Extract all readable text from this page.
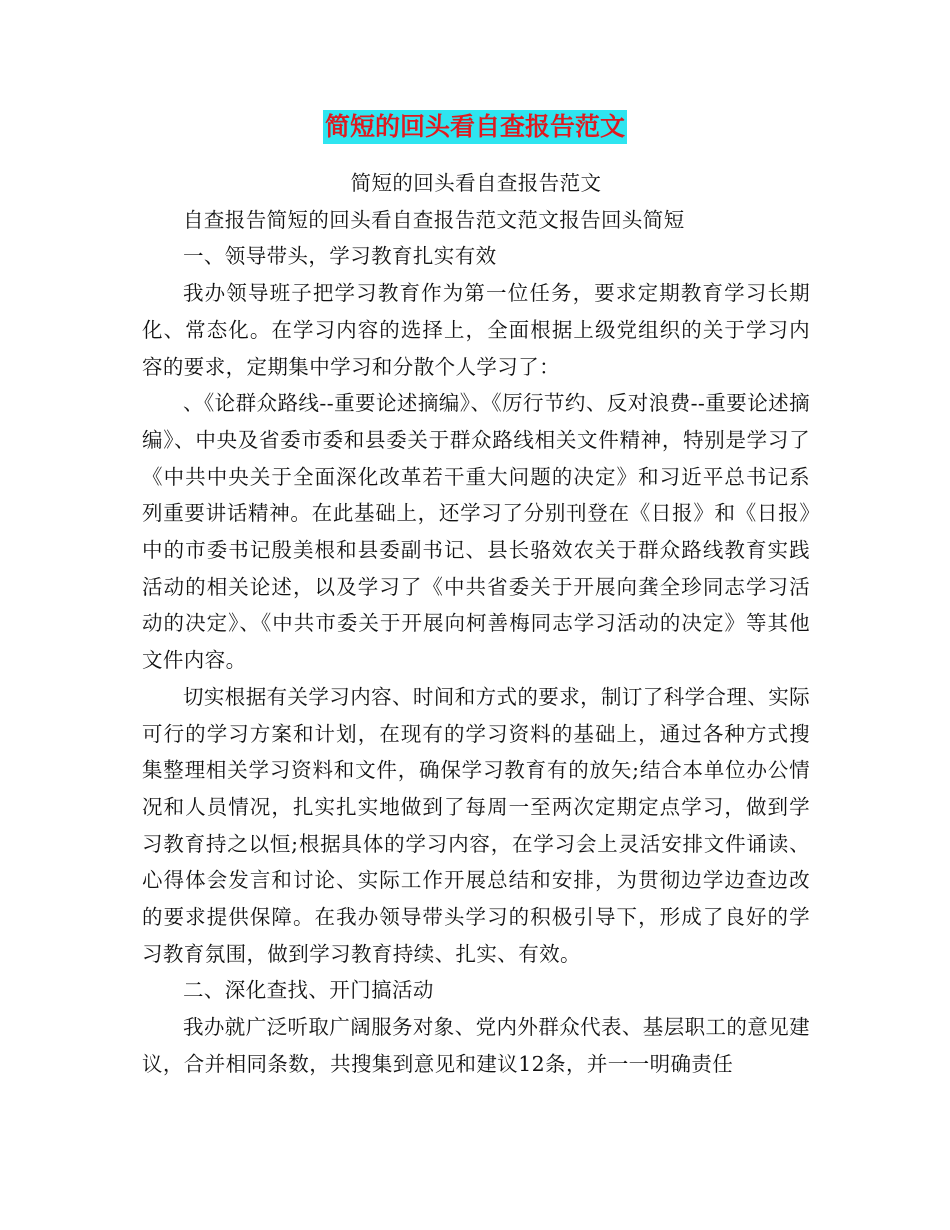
简短的回头看自查报告范文

简短的回头看自查报告范文

自查报告简短的回头看自查报告范文范文报告回头简短

一、领导带头，学习教育扎实有效

我办领导班子把学习教育作为第一位任务，要求定期教育学习长期化、常态化。在学习内容的选择上，全面根据上级党组织的关于学习内容的要求，定期集中学习和分散个人学习了：

、《论群众路线--重要论述摘编》、《厉行节约、反对浪费--重要论述摘编》、中央及省委市委和县委关于群众路线相关文件精神，特别是学习了《中共中央关于全面深化改革若干重大问题的决定》和习近平总书记系列重要讲话精神。在此基础上，还学习了分别刊登在《日报》和《日报》中的市委书记殷美根和县委副书记、县长骆效农关于群众路线教育实践活动的相关论述，以及学习了《中共省委关于开展向龚全珍同志学习活动的决定》、《中共市委关于开展向柯善梅同志学习活动的决定》等其他文件内容。

切实根据有关学习内容、时间和方式的要求，制订了科学合理、实际可行的学习方案和计划，在现有的学习资料的基础上，通过各种方式搜集整理相关学习资料和文件，确保学习教育有的放矢;结合本单位办公情况和人员情况，扎实扎实地做到了每周一至两次定期定点学习，做到学习教育持之以恒;根据具体的学习内容，在学习会上灵活安排文件诵读、心得体会发言和讨论、实际工作开展总结和安排，为贯彻边学边查边改的要求提供保障。在我办领导带头学习的积极引导下，形成了良好的学习教育氛围，做到学习教育持续、扎实、有效。

二、深化查找、开门搞活动

我办就广泛听取广阔服务对象、党内外群众代表、基层职工的意见建议，合并相同条数，共搜集到意见和建议12条，并一一明确责任
